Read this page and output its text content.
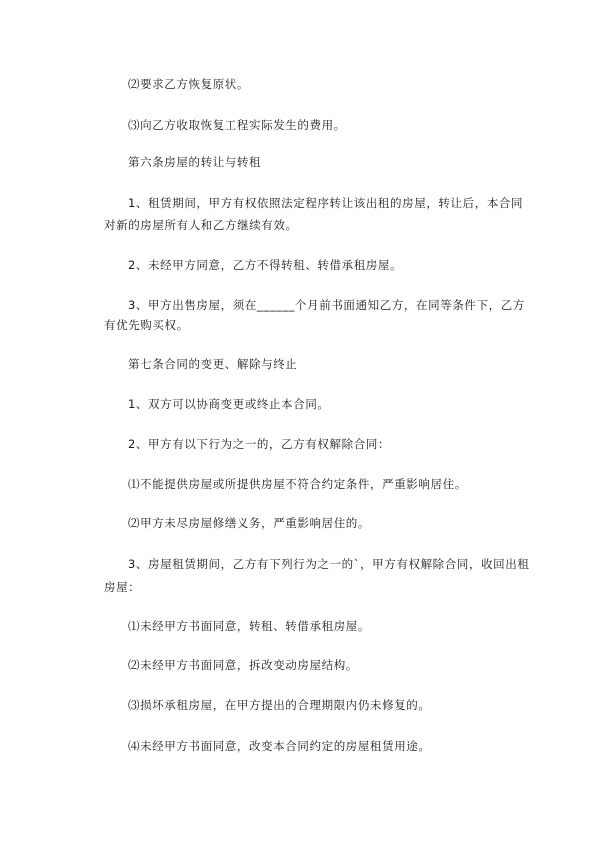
⑵要求乙方恢复原状。
⑶向乙方收取恢复工程实际发生的费用。
第六条房屋的转让与转租
1、租赁期间，甲方有权依照法定程序转让该出租的房屋，转让后，本合同
对新的房屋所有人和乙方继续有效。
2、未经甲方同意，乙方不得转租、转借承租房屋。
3、甲方出售房屋，须在______个月前书面通知乙方，在同等条件下，乙方
有优先购买权。
第七条合同的变更、解除与终止
1、双方可以协商变更或终止本合同。
2、甲方有以下行为之一的，乙方有权解除合同：
⑴不能提供房屋或所提供房屋不符合约定条件，严重影响居住。
⑵甲方未尽房屋修缮义务，严重影响居住的。
3、房屋租赁期间，乙方有下列行为之一的`，甲方有权解除合同，收回出租
房屋：
⑴未经甲方书面同意，转租、转借承租房屋。
⑵未经甲方书面同意，拆改变动房屋结构。
⑶损坏承租房屋，在甲方提出的合理期限内仍未修复的。
⑷未经甲方书面同意，改变本合同约定的房屋租赁用途。
